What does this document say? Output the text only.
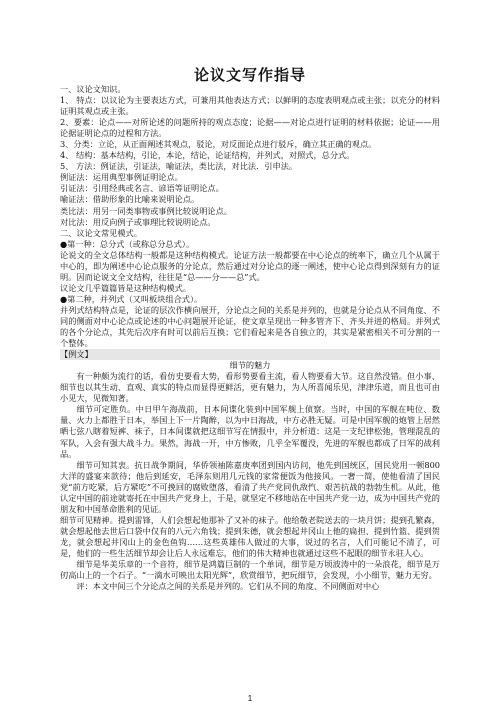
论议文写作指导

一、议论文知识。

1、 特点：以议论为主要表达方式，可兼用其他表达方式；以鲜明的态度表明观点或主张；以充分的材料证明其观点或主张。

2、要素：论点——对所论述的问题所持的观点态度；论据——对论点进行证明的材料依据；论证——用论据证明论点的过程和方法。

3、分类：立论，从正面阐述其观点，驳论，对反面论点进行驳斥，确立其正确的观点。

4、 结构：基本结构，引论，本论，结论，论证结构，并列式，对照式，总分式。

5、 方法：例证法，引证法，喻证法，类比法，对比法．引申法。

例证法：运用典型事例证明论点。

引证法：引用经典或名言、谚语等证明论点。

喻证法：借助形象的比喻来说明论点。

类比法：用另一同类事物或事例比较说明论点。

对比法：用反向例子或事理比较说明论点。

二、议论文常见模式。

●第一种：总分式（或称总分总式）。

论说文的全文总体结构一般都是这种结构模式。论证方法一般都要在中心论点的统率下，确立几个从属于中心的，即为阐述中心论点服务的分论点，然后通过对分论点的逐一阐述，使中心论点得到深刻有力的证明。因而论说文全文结构，往往是“总——分——总”式。

议论文几乎篇篇皆是这种结构模式。

●第二种，并列式（又叫板块组合式）。

并列式结构特点是，论证的层次作横向展开，分论点之间的关系是并列的，也就是分论点从不同角度、不同的侧面对中心论点或论述的中心问题展开论证，使文章呈现出一种多管齐下、齐头并进的格局。并列式的各个分论点，其先后次序有时可以前后互换；它们看起来是各自独立的，其实是紧密相关不可分割的一个整体。

【例文】

细节的魅力

有一种颇为流行的话，看仿史要看大势，看形势要看主流，看人物要看大节。这自然没错。但小事、细节也以其生动、直观、真实的特点而显得更鲜活，更有魅力，为人所喜闻乐见，津津乐道，而且也可由小见大，见微知著。

细节可定胜负。中日甲午海战前，日本间谍化装到中国军舰上侦察。当时，中国的军舰在吨位、数量、火力上都胜于日本，举国上下一片陶醉，以为中日海战，中方必胜无疑。可是中国军舰的炮管上居然晒七弦八瞎着短裤、袜子，日本间谍就把这细节写在情报中，并分析道：这是一支纪律松弛，管理混乱的军队，入会有强大战斗力。果然，海战一开，中方惨败，几乎全军覆没，先进的军舰也都成了日军的战利品。

细节可知其衷。抗日战争期间，华侨领袖陈嘉庚率团到国内访问，他先到国统区，国民党用一顿800大洋的盛宴来款待；他后到延安，毛泽东则用几元钱的家常便饭为他接风。一奢一简，使他看清了国民党“前方吃紧，后方紧吃”不可挽回的腐败堕落，看清了共产党同仇敌忾、艰苦抗战的勃勃生机。从此，他认定中国的前途就寄托在中国共产党身上，于是，就坚定不移地站在中国共产党一边，成为中国共产党的朋友和中国革命胜利的见证。

细节可见精神。提到雷锋，人们会想起他那补了又补的袜子。他给敬老院送去的一块月饼；提到孔繁森，就会想起他去世后口袋中仅有的八元六角钱；提到朱德，就会想起井冈山上他的扁担、提到竹篮、提到贺龙，就会想起井冈山上的金色鱼钩……这些英雄伟人做过的大事，说过的名言，人们可能记不清了，可是，他们的一些生活细节却会让后人永远难忘，他们的伟大精神也就通过这些不起眼的细节永驻人心。

细节是华美乐章的一个音符，细节是鸿篇巨制的一个单词，细节是万顷波涛中的一朵浪花，细节是万仞高山上的一个石子。“一滴水可映出太阳光辉”，欣赏细节，把玩细节，会发现，小小细节，魅力无穷。

评：本文中间三个分论点之间的关系是并列的。它们从不同的角度、不同侧面对中心

1
